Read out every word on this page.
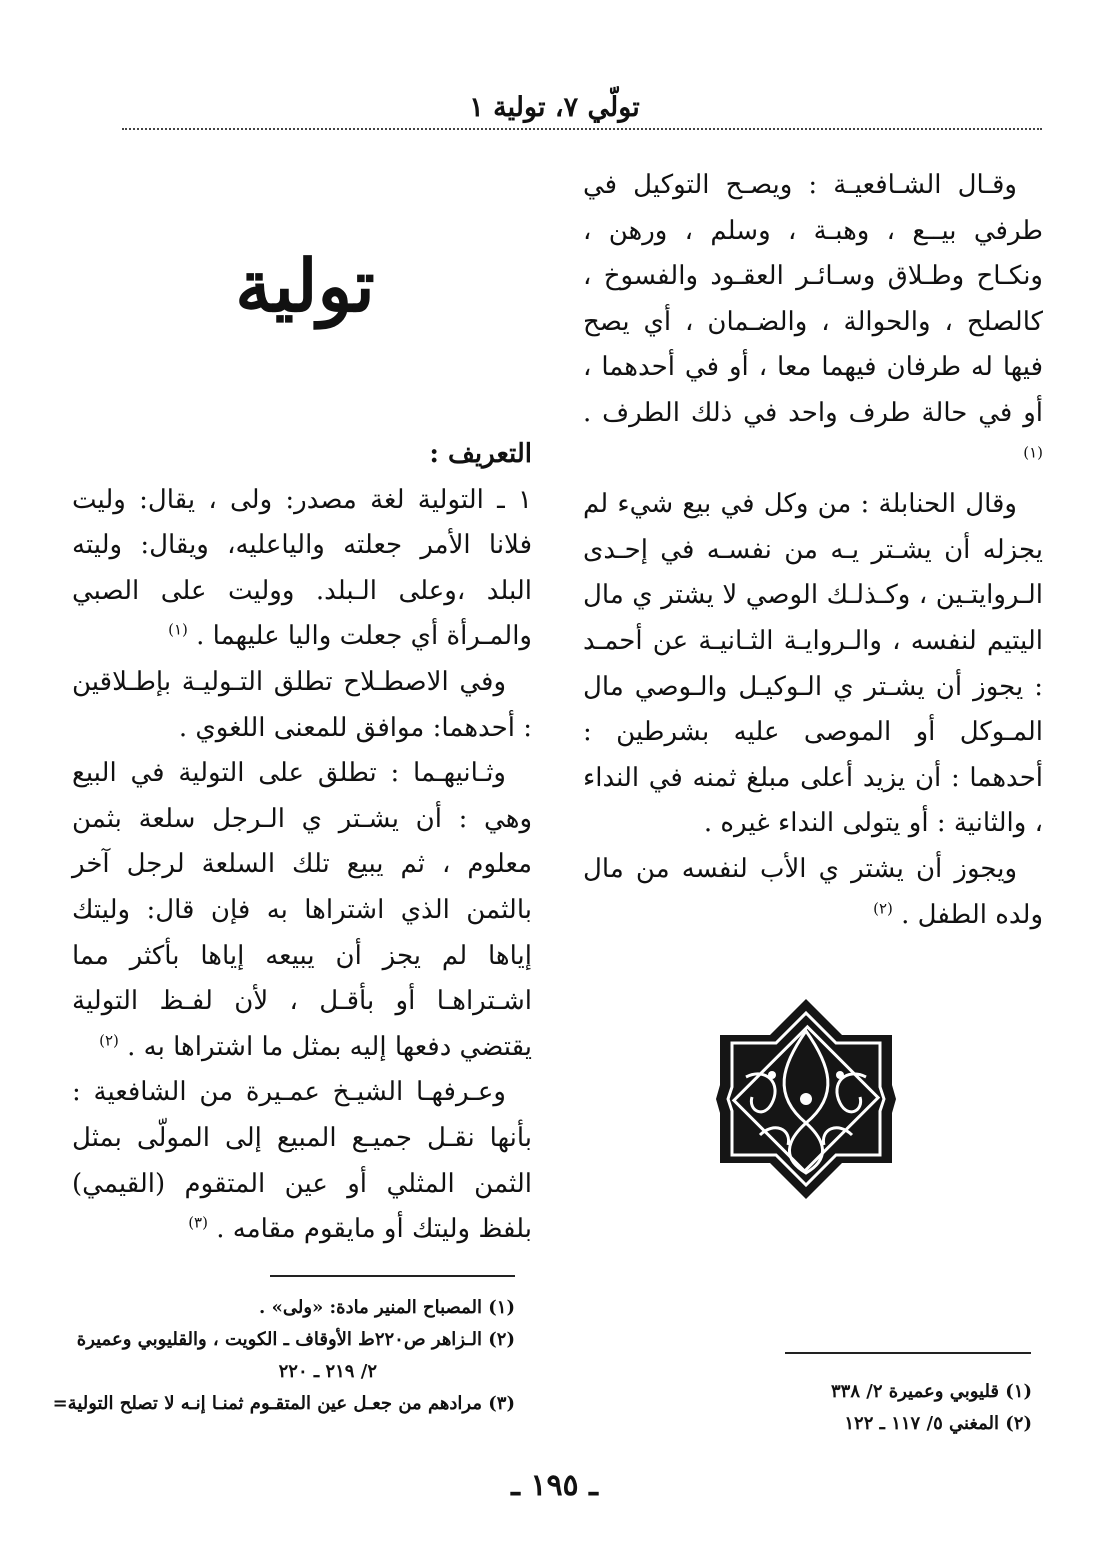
تولّي ٧، تولية ١

وقـال الشـافعيـة : ويصـح التوكيل في طرفي بيــع ، وهبـة ، وسلم ، ورهن ، ونكـاح وطـلاق وسـائـر العقـود والفسوخ ، كالصلح ، والحوالة ، والضـمان ، أي يصح فيها له طرفان فيهما معا ، أو في أحدهما ، أو في حالة طرف واحد في ذلك الطرف . $^{(١)}$

وقال الحنابلة : من وكل في بيع شيء لم يجزله أن يشـتر يـه من نفسـه في إحـدى الـروايتـين ، وكـذلـك الوصي لا يشتر ي مال اليتيم لنفسه ، والـروايـة الثـانيـة عن أحمـد : يجوز أن يشـتر ي الـوكيـل والـوصي مال المـوكل أو الموصى عليه بشرطين : أحدهما : أن يزيد أعلى مبلغ ثمنه في النداء ، والثانية : أو يتولى النداء غيره .

ويجوز أن يشتر ي الأب لنفسه من مال ولده الطفل . $^{(٢)}$

تولية

التعريف :

١ ـ التولية لغة مصدر: ولى ، يقال: وليت فلانا الأمر جعلته والياعليه، ويقال: وليته البلد ،وعلى الـبلد. ووليت على الصبي والمـرأة أي جعلت واليا عليهما . $^{(١)}$

وفي الاصطـلاح تطلق التـوليـة بإطـلاقين : أحدهما: موافق للمعنى اللغوي .

وثـانيهـما : تطلق على التولية في البيع وهي : أن يشـتر ي الـرجل سلعة بثمن معلوم ، ثم يبيع تلك السلعة لرجل آخر بالثمن الذي اشتراها به فإن قال: وليتك إياها لم يجز أن يبيعه إياها بأكثر مما اشـتراهـا أو بأقـل ، لأن لفـظ التولية يقتضي دفعها إليه بمثل ما اشتراها به . $^{(٢)}$

وعـرفهـا الشيـخ عمـيرة من الشافعية : بأنها نقـل جميـع المبيع إلى المولّى بمثل الثمن المثلي أو عين المتقوم (القيمي) بلفظ وليتك أو مايقوم مقامه . $^{(٣)}$

(١) المصباح المنير مادة: «ولى» .
(٢) الـزاهر ص٢٢٠ط الأوقاف ـ الكويت ، والقليوبي وعميرة
٢/ ٢١٩ ـ ٢٢٠
(٣) مرادهم من جعـل عين المتقـوم ثمنـا إنـه لا تصلح التولية=
(١) قليوبي وعميرة ٢/ ٣٣٨
(٢) المغني ٥/ ١١٧ ـ ١٢٢
ـ ١٩٥ ـ
